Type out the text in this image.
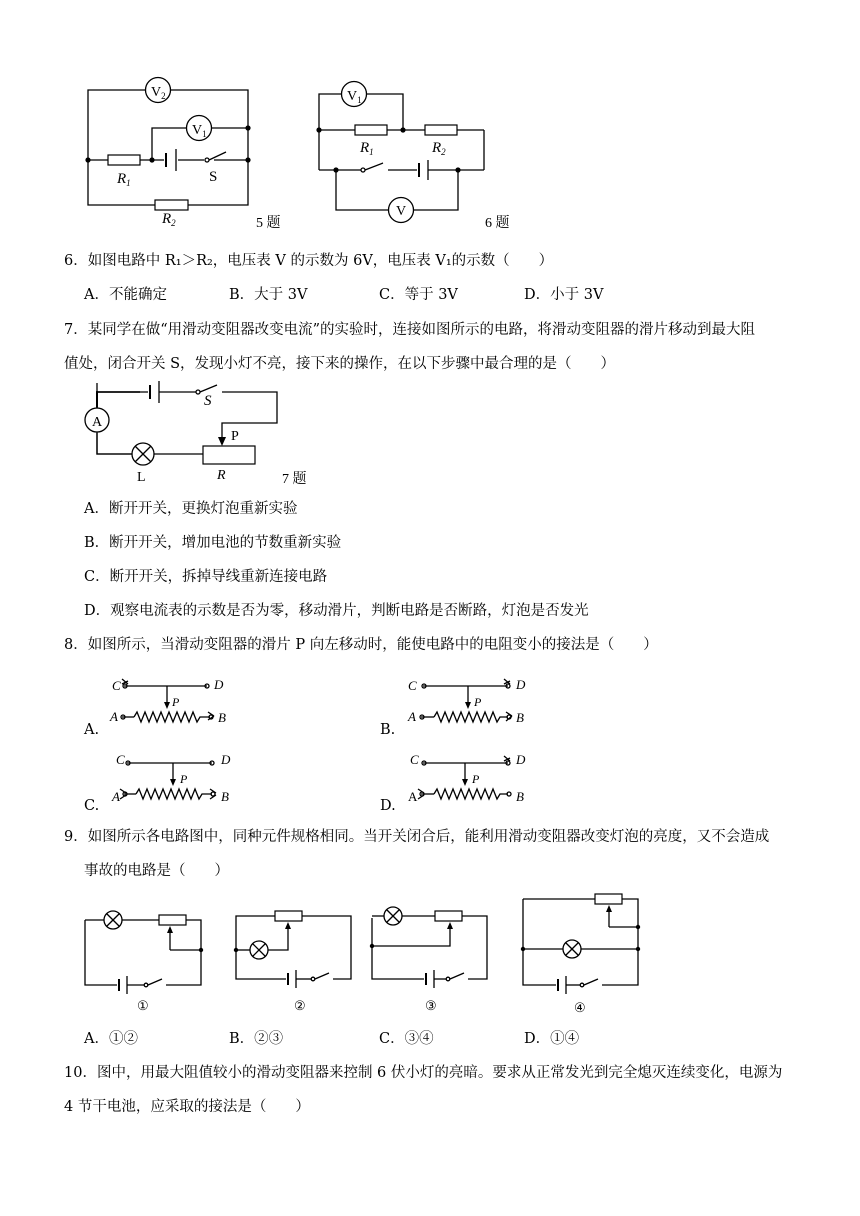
$V_2$
$V_1$
$R_1$	S
$R_2$	5 题
$V_1$
V
$R_1$	$R_2$
6 题
6．如图电路中 R₁＞R₂，电压表 V 的示数为 6V，电压表 V₁的示数（　　）
A．不能确定	B．大于 3V	C．等于 3V	D．小于 3V
7．某同学在做“用滑动变阻器改变电流”的实验时，连接如图所示的电路，将滑动变阻器的滑片移动到最大阻
值处，闭合开关 S，发现小灯不亮，接下来的操作，在以下步骤中最合理的是（　　）
A
S
P
R
L	7 题
A．断开开关，更换灯泡重新实验
B．断开开关，增加电池的节数重新实验
C．断开开关，拆掉导线重新连接电路
D．观察电流表的示数是否为零，移动滑片，判断电路是否断路，灯泡是否发光
8．如图所示，当滑动变阻器的滑片 P 向左移动时，能使电路中的电阻变小的接法是（　　）
C	D
A	B
P
C	D
A	B
P
C	D
A	B
P
C	D
A	B
P
A.	B.
C.	D.
9．如图所示各电路图中，同种元件规格相同。当开关闭合后，能利用滑动变阻器改变灯泡的亮度，又不会造成
事故的电路是（　　）
①	②	③	④
A．①②	B．②③	C．③④	D．①④
10．图中，用最大阻值较小的滑动变阻器来控制 6 伏小灯的亮暗。要求从正常发光到完全熄灭连续变化，电源为
4 节干电池，应采取的接法是（　　）
